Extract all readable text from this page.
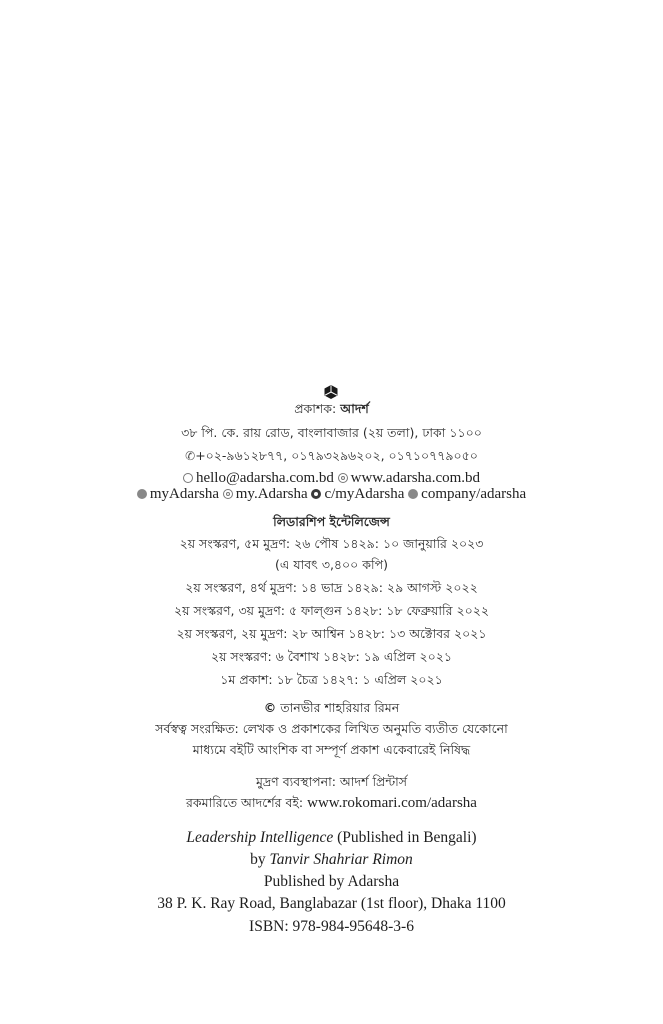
প্রকাশক: আদর্শ
৩৮ পি. কে. রায় রোড, বাংলাবাজার (২য় তলা), ঢাকা ১১০০
✆+০২-৯৬১২৮৭৭, ০১৭৯৩২৯৬২০২, ০১৭১০৭৭৯০৫০
hello@adarsha.com.bd www.adarsha.com.bd
myAdarsha my.Adarsha c/myAdarsha company/adarsha
লিডারশিপ ইন্টেলিজেন্স
২য় সংস্করণ, ৫ম মুদ্রণ: ২৬ পৌষ ১৪২৯: ১০ জানুয়ারি ২০২৩
(এ যাবৎ ৩,৪০০ কপি)
২য় সংস্করণ, ৪র্থ মুদ্রণ: ১৪ ভাদ্র ১৪২৯: ২৯ আগস্ট ২০২২
২য় সংস্করণ, ৩য় মুদ্রণ: ৫ ফাল্গুন ১৪২৮: ১৮ ফেব্রুয়ারি ২০২২
২য় সংস্করণ, ২য় মুদ্রণ: ২৮ আশ্বিন ১৪২৮: ১৩ অক্টোবর ২০২১
২য় সংস্করণ: ৬ বৈশাখ ১৪২৮: ১৯ এপ্রিল ২০২১
১ম প্রকাশ: ১৮ চৈত্র ১৪২৭: ১ এপ্রিল ২০২১
© তানভীর শাহরিয়ার রিমন
সর্বস্বত্ব সংরক্ষিত: লেখক ও প্রকাশকের লিখিত অনুমতি ব্যতীত যেকোনো
মাধ্যমে বইটি আংশিক বা সম্পূর্ণ প্রকাশ একেবারেই নিষিদ্ধ
মুদ্রণ ব্যবস্থাপনা: আদর্শ প্রিন্টার্স
রকমারিতে আদর্শের বই: www.rokomari.com/adarsha
Leadership Intelligence (Published in Bengali)
by Tanvir Shahriar Rimon
Published by Adarsha
38 P. K. Ray Road, Banglabazar (1st floor), Dhaka 1100
ISBN: 978-984-95648-3-6
